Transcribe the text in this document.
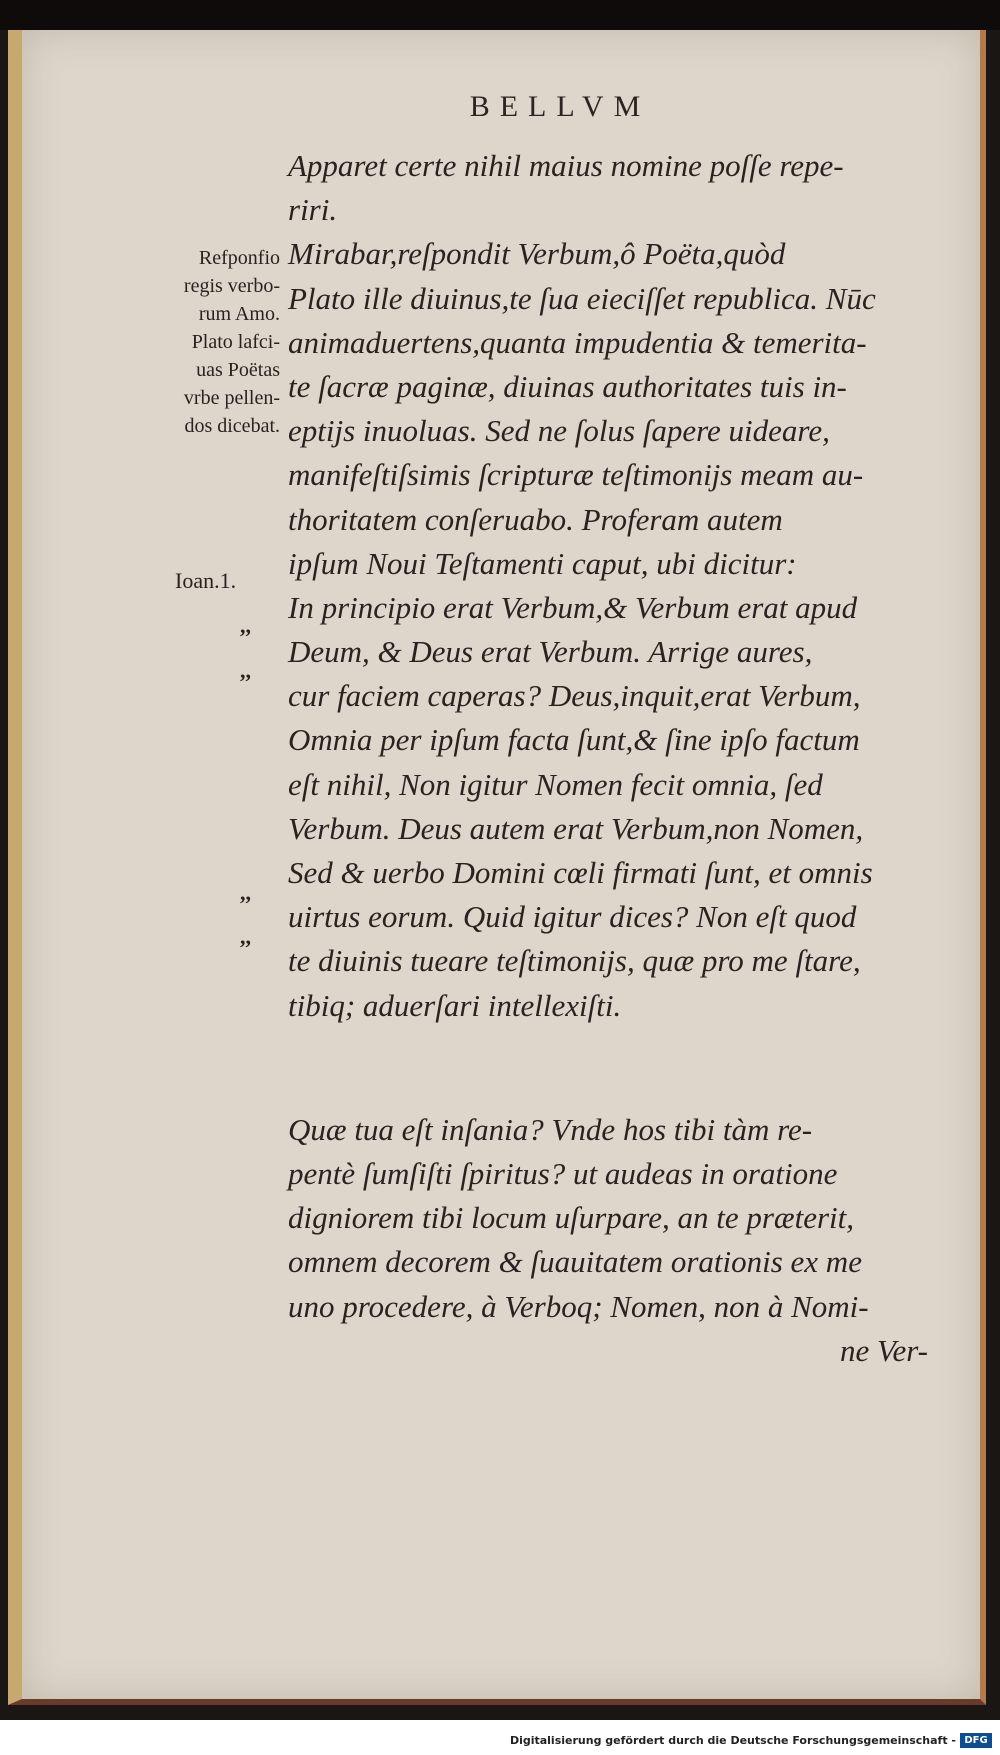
BELLVM
Refponfio
regis verbo-
rum Amo.
Plato lafci-
uas Poëtas
vrbe pellen-
dos dicebat.
Ioan.1.
,,
,,
,,
,,
Apparet certe nihil maius nomine poſſe repe-
riri.
Mirabar,reſpondit Verbum,ô Poëta,quòd
Plato ille diuinus,te ſua eieciſſet republica. Nūc
animaduertens,quanta impudentia & temerita-
te ſacræ paginæ, diuinas authoritates tuis in-
eptijs inuoluas. Sed ne ſolus ſapere uideare,
manifeſtiſsimis ſcripturæ teſtimonijs meam au-
thoritatem conſeruabo. Proferam autem
ipſum Noui Teſtamenti caput, ubi dicitur:
In principio erat Verbum,& Verbum erat apud
Deum, & Deus erat Verbum. Arrige aures,
cur faciem caperas? Deus,inquit,erat Verbum,
Omnia per ipſum facta ſunt,& ſine ipſo factum
eſt nihil, Non igitur Nomen fecit omnia, ſed
Verbum. Deus autem erat Verbum,non Nomen,
Sed & uerbo Domini cœli firmati ſunt, et omnis
uirtus eorum. Quid igitur dices? Non eſt quod
te diuinis tueare teſtimonijs, quæ pro me ſtare,
tibiq; aduerſari intellexiſti.
Quæ tua eſt inſania? Vnde hos tibi tàm re-
pentè ſumſiſti ſpiritus? ut audeas in oratione
digniorem tibi locum uſurpare, an te præterit,
omnem decorem & ſuauitatem orationis ex me
uno procedere, à Verboq; Nomen, non à Nomi-
ne Ver-
Digitalisierung gefördert durch die Deutsche Forschungsgemeinschaft - DFG
